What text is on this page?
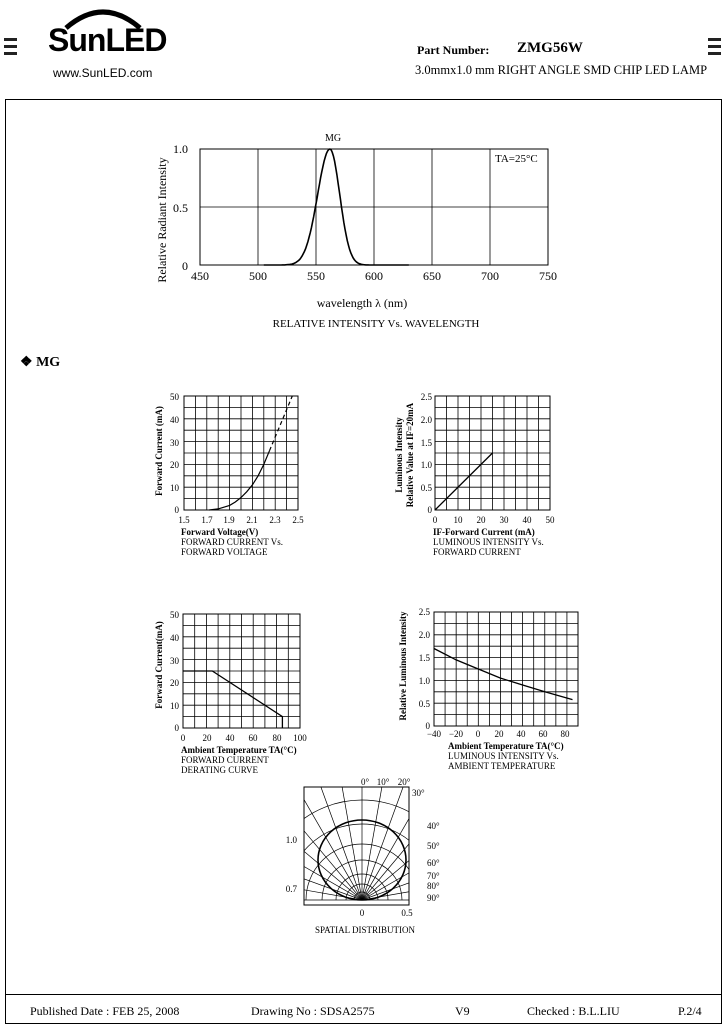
SunLED
www.SunLED.com
Part Number: ZMG56W
3.0mmx1.0 mm RIGHT ANGLE SMD CHIP LED LAMP
Relative Radiant Intensity
1.0
0.5
0
450	500	550	600	650	700	750
MG
TA=25°C
wavelength λ (nm)
RELATIVE INTENSITY Vs. WAVELENGTH
❖ MG
Forward Current (mA)
50
40
30
20
10
0
1.5 1.7 1.9 2.1 2.3 2.5
Forward Voltage(V)
FORWARD CURRENT Vs.
FORWARD VOLTAGE
Luminous Intensity Relative Value at IF=20mA
2.5
2.0
1.5
1.0
0.5
0
0 10 20 30 40 50
IF-Forward Current (mA)
LUMINOUS INTENSITY Vs.
FORWARD CURRENT
Forward Current(mA)
50
40
30
20
10
0
0 20 40 60 80 100
Ambient Temperature TA(°C)
FORWARD CURRENT
DERATING CURVE
Relative Luminous Intensity 2.5
2.0
1.5
1.0
0.5
0
−40 −20 0 20 40 60 80
Ambient Temperature TA(°C)
LUMINOUS INTENSITY Vs.
AMBIENT TEMPERATURE
0° 10° 20°
30°
40°
50°
60°
70°
80°
90°
1.0
0.7
0	0.5
SPATIAL DISTRIBUTION
Published Date : FEB 25, 2008	Drawing No : SDSA2575	V9	Checked : B.L.LIU	P.2/4
